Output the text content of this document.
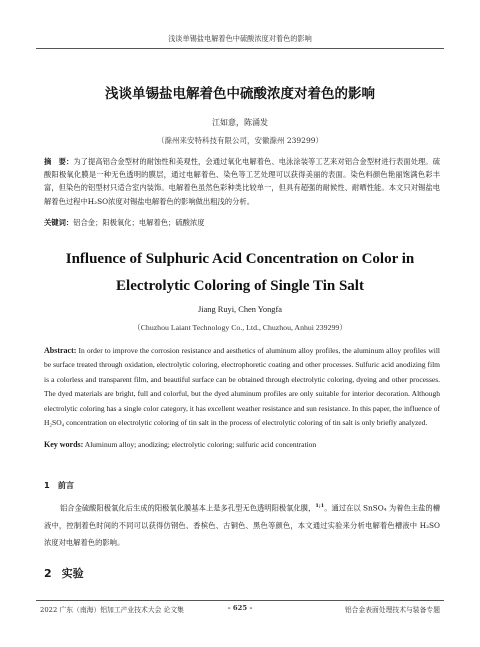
浅谈单锡盐电解着色中硫酸浓度对着色的影响
浅谈单锡盐电解着色中硫酸浓度对着色的影响
江如意，陈涌发
（滁州来安特科技有限公司，安徽滁州 239299）
摘　要：为了提高铝合金型材的耐蚀性和美观性，会通过氧化电解着色、电泳涂装等工艺来对铝合金型材进行表面处理。硫酸阳极氧化膜是一种无色透明的膜层，通过电解着色、染色等工艺处理可以获得美丽的表面。染色料颜色艳丽饱满色彩丰富，但染色的铝型材只适合室内装饰。电解着色虽然色彩种类比较单一，但具有超强的耐候性、耐晒性能。本文只对锡盐电解着色过程中H₂SO浓度对锡盐电解着色的影响做出粗浅的分析。
关键词：铝合金；阳极氧化；电解着色；硫酸浓度
Influence of Sulphuric Acid Concentration on Color in Electrolytic Coloring of Single Tin Salt
Jiang Ruyi, Chen Yongfa
（Chuzhou Laiant Technology Co., Ltd., Chuzhou, Anhui 239299）
Abstract: In order to improve the corrosion resistance and aesthetics of aluminum alloy profiles, the aluminum alloy profiles will be surface treated through oxidation, electrolytic coloring, electrophoretic coating and other processes. Sulfuric acid anodizing film is a colorless and transparent film, and beautiful surface can be obtained through electrolytic coloring, dyeing and other processes. The dyed materials are bright, full and colorful, but the dyed aluminum profiles are only suitable for interior decoration. Although electrolytic coloring has a single color category, it has excellent weather resistance and sun resistance. In this paper, the influence of H₂SO₄ concentration on electrolytic coloring of tin salt in the process of electrolytic coloring of tin salt is only briefly analyzed.
Key words: Aluminum alloy; anodizing; electrolytic coloring; sulfuric acid concentration
1 前言
铝合金硫酸阳极氧化后生成的阳极氧化膜基本上是多孔型无色透明阳极氧化膜，$^{1;1}$。通过在以 SnSO₄ 为着色主盐的槽液中，控制着色时间的不同可以获得仿钢色、香槟色、古铜色、黑色等颜色，本文通过实验来分析电解着色槽液中 H₂SO 浓度对电解着色的影响。
2 实验
2022 广东（南海）铝加工产业技术大会 论文集	- 625 -	铝合金表面处理技术与装备专题
